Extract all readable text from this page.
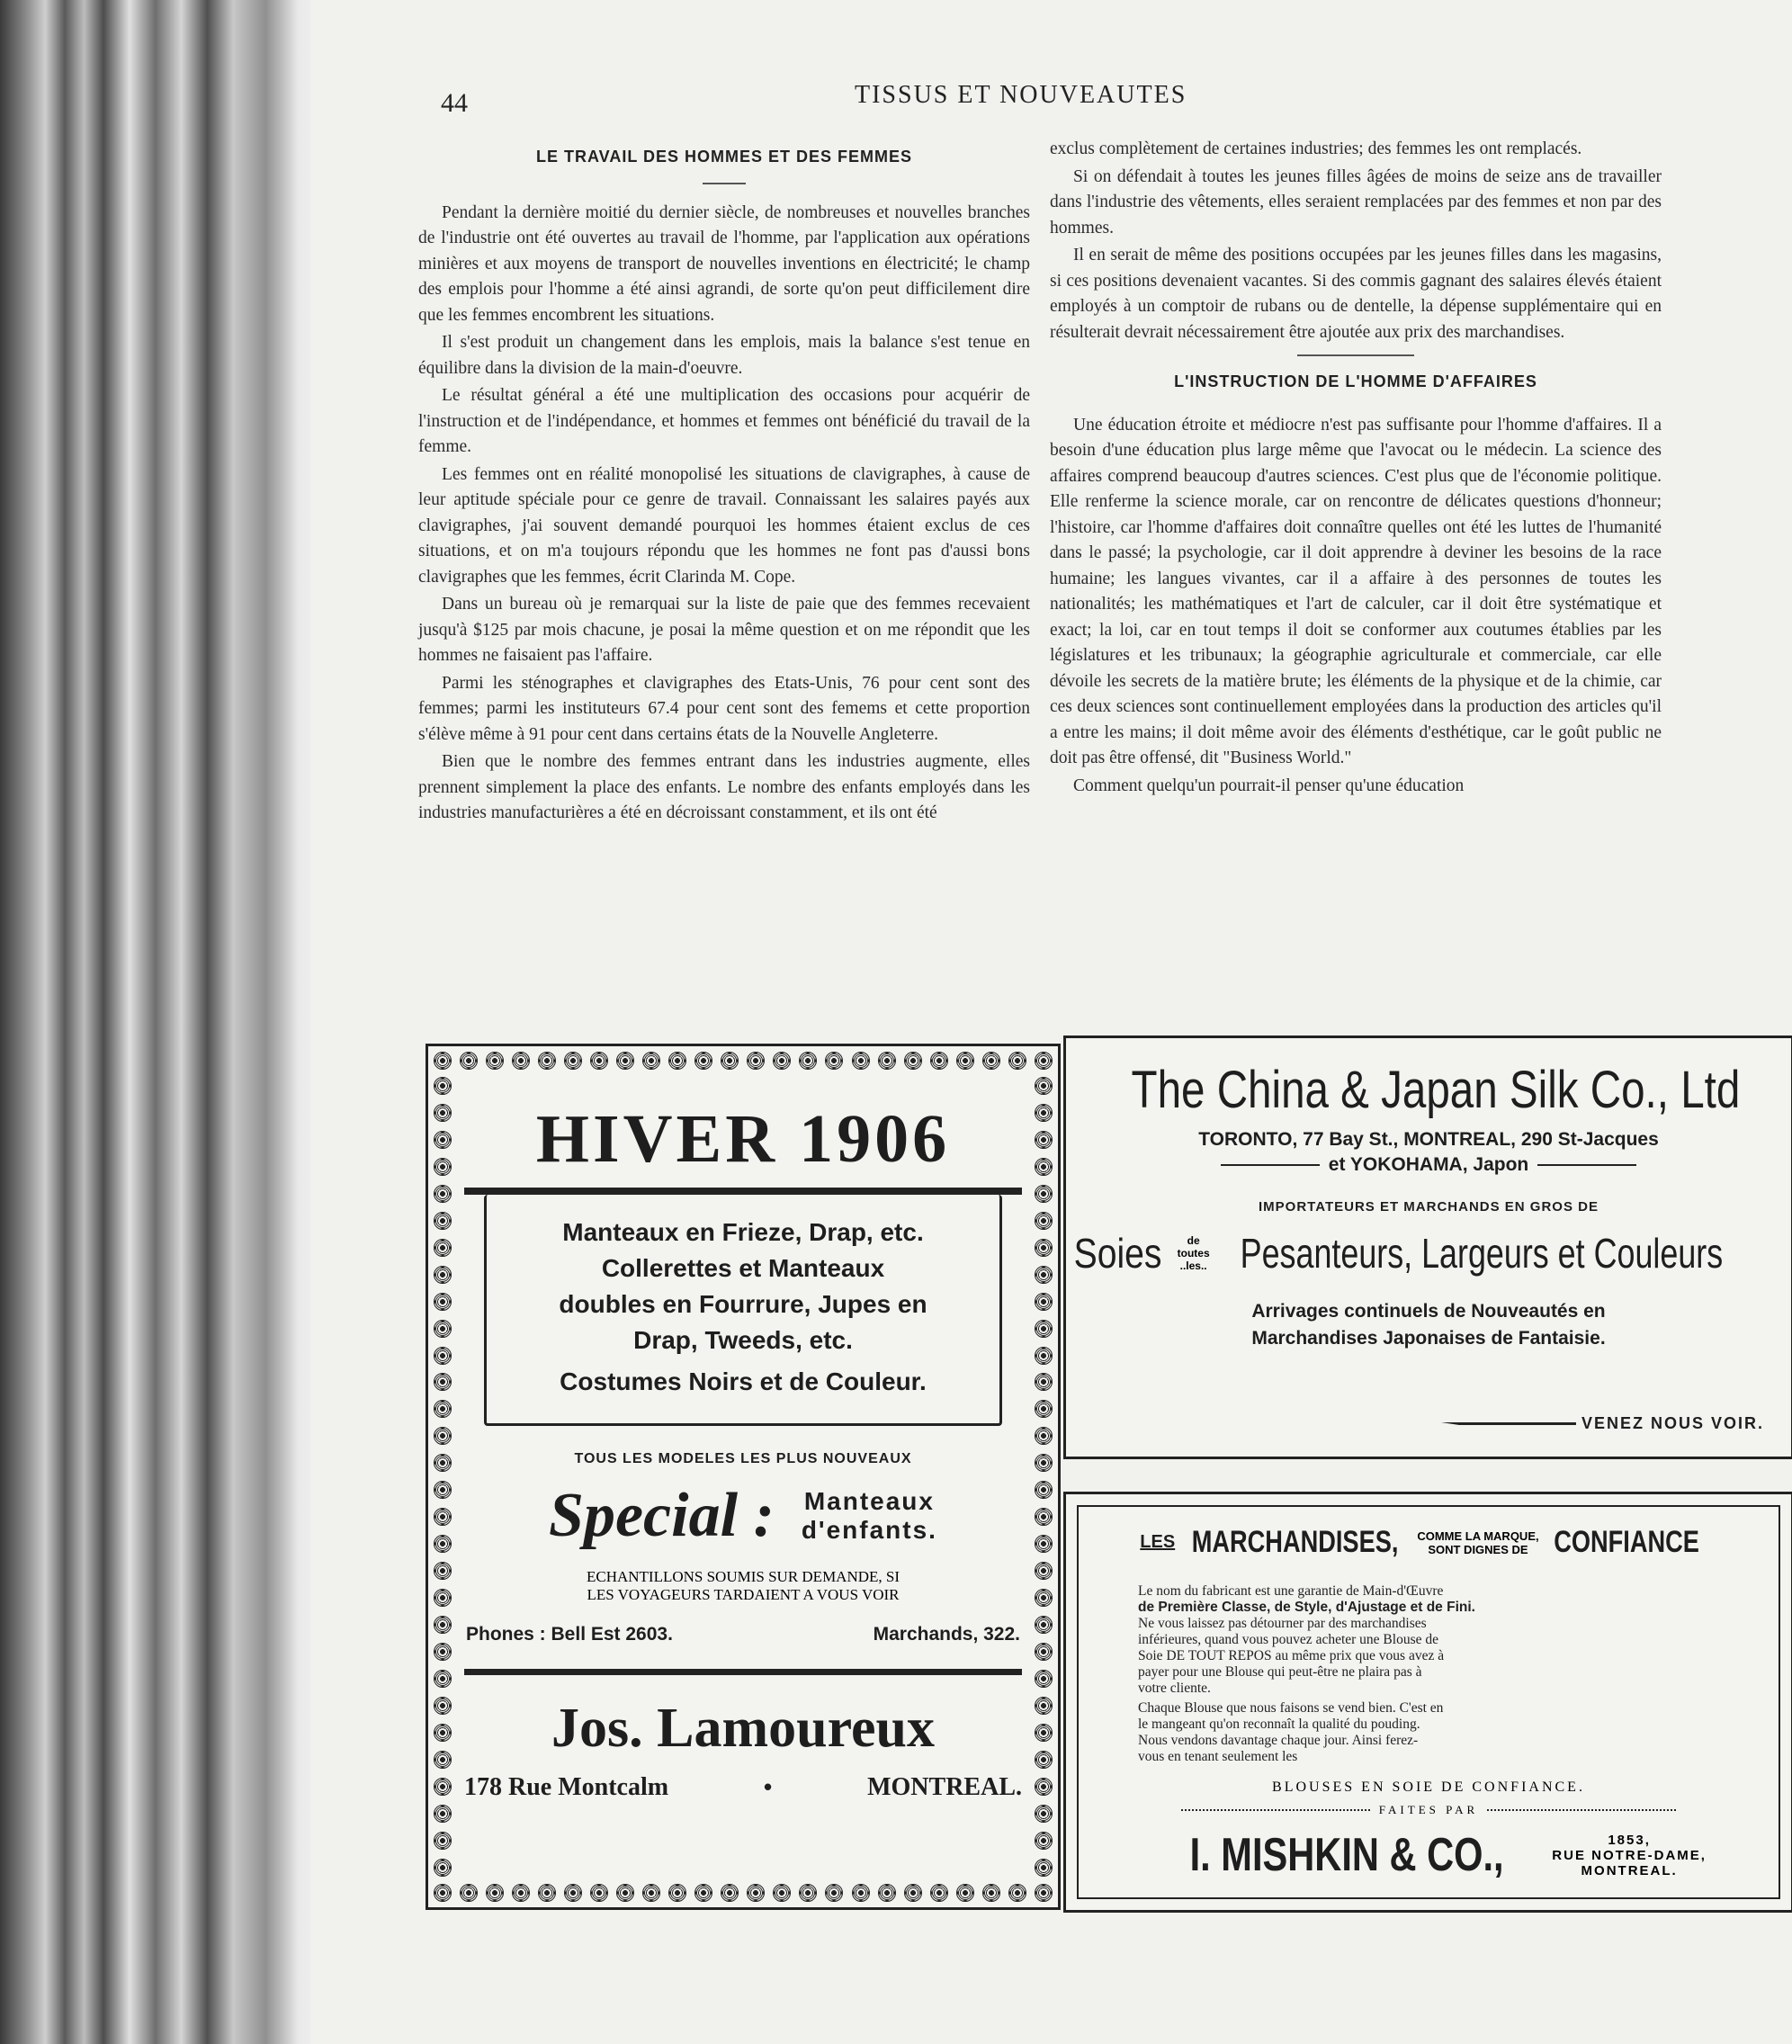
44	TISSUS ET NOUVEAUTES
LE TRAVAIL DES HOMMES ET DES FEMMES

Pendant la dernière moitié du dernier siècle, de nombreuses et nouvelles branches de l'industrie ont été ouvertes au travail de l'homme, par l'application aux opérations minières et aux moyens de transport de nouvelles inventions en électricité; le champ des emplois pour l'homme a été ainsi agrandi, de sorte qu'on peut difficilement dire que les femmes encombrent les situations.

Il s'est produit un changement dans les emplois, mais la balance s'est tenue en équilibre dans la division de la main-d'oeuvre.

Le résultat général a été une multiplication des occasions pour acquérir de l'instruction et de l'indépendance, et hommes et femmes ont bénéficié du travail de la femme.

Les femmes ont en réalité monopolisé les situations de clavigraphes, à cause de leur aptitude spéciale pour ce genre de travail. Connaissant les salaires payés aux clavigraphes, j'ai souvent demandé pourquoi les hommes étaient exclus de ces situations, et on m'a toujours répondu que les hommes ne font pas d'aussi bons clavigraphes que les femmes, écrit Clarinda M. Cope.

Dans un bureau où je remarquai sur la liste de paie que des femmes recevaient jusqu'à $125 par mois chacune, je posai la même question et on me répondit que les hommes ne faisaient pas l'affaire.

Parmi les sténographes et clavigraphes des Etats-Unis, 76 pour cent sont des femmes; parmi les instituteurs 67.4 pour cent sont des femems et cette proportion s'élève même à 91 pour cent dans certains états de la Nouvelle Angleterre.

Bien que le nombre des femmes entrant dans les industries augmente, elles prennent simplement la place des enfants. Le nombre des enfants employés dans les industries manufacturières a été en décroissant constamment, et ils ont été

exclus complètement de certaines industries; des femmes les ont remplacés.

Si on défendait à toutes les jeunes filles âgées de moins de seize ans de travailler dans l'industrie des vêtements, elles seraient remplacées par des femmes et non par des hommes.

Il en serait de même des positions occupées par les jeunes filles dans les magasins, si ces positions devenaient vacantes. Si des commis gagnant des salaires élevés étaient employés à un comptoir de rubans ou de dentelle, la dépense supplémentaire qui en résulterait devrait nécessairement être ajoutée aux prix des marchandises.

L'INSTRUCTION DE L'HOMME D'AFFAIRES

Une éducation étroite et médiocre n'est pas suffisante pour l'homme d'affaires. Il a besoin d'une éducation plus large même que l'avocat ou le médecin. La science des affaires comprend beaucoup d'autres sciences. C'est plus que de l'économie politique. Elle renferme la science morale, car on rencontre de délicates questions d'honneur; l'histoire, car l'homme d'affaires doit connaître quelles ont été les luttes de l'humanité dans le passé; la psychologie, car il doit apprendre à deviner les besoins de la race humaine; les langues vivantes, car il a affaire à des personnes de toutes les nationalités; les mathématiques et l'art de calculer, car il doit être systématique et exact; la loi, car en tout temps il doit se conformer aux coutumes établies par les législatures et les tribunaux; la géographie agriculturale et commerciale, car elle dévoile les secrets de la matière brute; les éléments de la physique et de la chimie, car ces deux sciences sont continuellement employées dans la production des articles qu'il a entre les mains; il doit même avoir des éléments d'esthétique, car le goût public ne doit pas être offensé, dit "Business World."

Comment quelqu'un pourrait-il penser qu'une éducation

HIVER 1906
Manteaux en Frieze, Drap, etc.
Collerettes et Manteaux
doubles en Fourrure, Jupes en
Drap, Tweeds, etc.
Costumes Noirs et de Couleur.
TOUS LES MODELES LES PLUS NOUVEAUX
Special : Manteaux
d'enfants.
ECHANTILLONS SOUMIS SUR DEMANDE, SI
LES VOYAGEURS TARDAIENT A VOUS VOIR
Phones : Bell Est 2603.	Marchands, 322.
Jos. Lamoureux
178 Rue Montcalm	•	MONTREAL.
The China & Japan Silk Co., Ltd
TORONTO, 77 Bay St., MONTREAL, 290 St-Jacques
et YOKOHAMA, Japon
IMPORTATEURS ET MARCHANDS EN GROS DE
Soies	de toutes
..les.. Pesanteurs, Largeurs et Couleurs
Arrivages continuels de Nouveautés en
Marchandises Japonaises de Fantaisie.
VENEZ NOUS VOIR.
LES MARCHANDISES, COMME LA MARQUE,
SONT DIGNES DE CONFIANCE
Le nom du fabricant est une garantie de Main-d'Œuvre
de Première Classe, de Style, d'Ajustage et de Fini.
Ne vous laissez pas détourner par des marchandises
inférieures, quand vous pouvez acheter une Blouse de
Soie DE TOUT REPOS au même prix que vous avez à
payer pour une Blouse qui peut-être ne plaira pas à
votre cliente.
Chaque Blouse que nous faisons se vend bien. C'est en
le mangeant qu'on reconnaît la qualité du pouding.
Nous vendons davantage chaque jour. Ainsi ferez-
vous en tenant seulement les
BLOUSES EN SOIE DE CONFIANCE.
FAITES PAR
I. MISHKIN & CO.,	1853,
RUE NOTRE-DAME,
MONTREAL.
